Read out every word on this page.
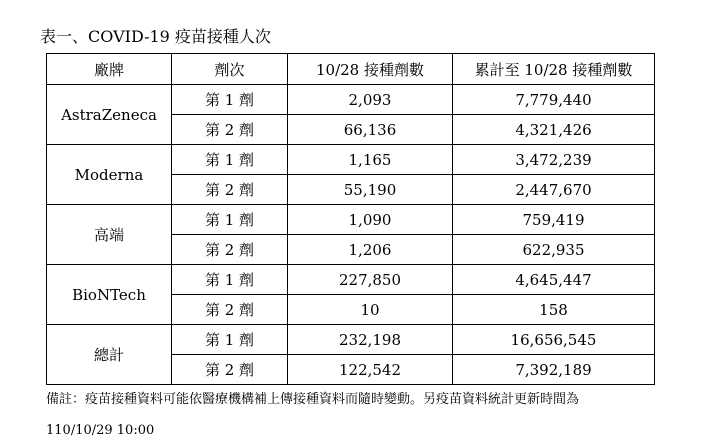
表一、COVID-19 疫苗接種人次
廠牌	劑次	10/28 接種劑數	累計至 10/28 接種劑數
AstraZeneca	第 1 劑	2,093	7,779,440
	第 2 劑	66,136	4,321,426
Moderna	第 1 劑	1,165	3,472,239
	第 2 劑	55,190	2,447,670
高端	第 1 劑	1,090	759,419
	第 2 劑	1,206	622,935
BioNTech	第 1 劑	227,850	4,645,447
	第 2 劑	10	158
總計	第 1 劑	232,198	16,656,545
	第 2 劑	122,542	7,392,189
備註：疫苗接種資料可能依醫療機構補上傳接種資料而隨時變動。另疫苗資料統計更新時間為
110/10/29 10:00
